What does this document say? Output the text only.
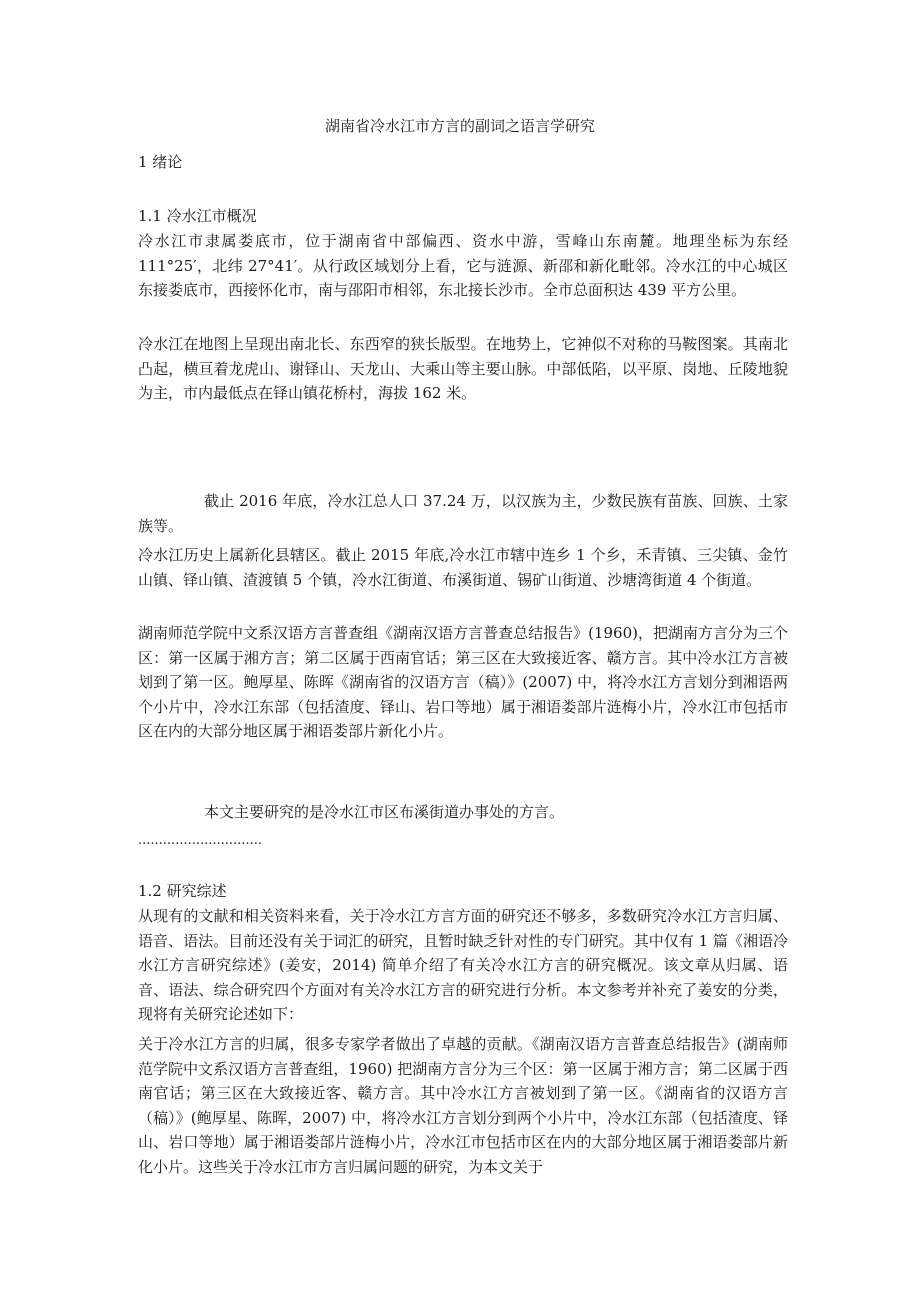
湖南省冷水江市方言的副词之语言学研究
1 绪论
1.1 冷水江市概况
冷水江市隶属娄底市，位于湖南省中部偏西、资水中游，雪峰山东南麓。地理坐标为东经 111°25′，北纬 27°41′。从行政区域划分上看，它与涟源、新邵和新化毗邻。冷水江的中心城区东接娄底市，西接怀化市，南与邵阳市相邻，东北接长沙市。全市总面积达 439 平方公里。
冷水江在地图上呈现出南北长、东西窄的狭长版型。在地势上，它神似不对称的马鞍图案。其南北凸起，横亘着龙虎山、谢铎山、天龙山、大乘山等主要山脉。中部低陷，以平原、岗地、丘陵地貌为主，市内最低点在铎山镇花桥村，海拔 162 米。
截止 2016 年底，冷水江总人口 37.24 万，以汉族为主，少数民族有苗族、回族、土家族等。
冷水江历史上属新化县辖区。截止 2015 年底,冷水江市辖中连乡 1 个乡，禾青镇、三尖镇、金竹山镇、铎山镇、渣渡镇 5 个镇，冷水江街道、布溪街道、锡矿山街道、沙塘湾街道 4 个街道。
湖南师范学院中文系汉语方言普查组《湖南汉语方言普查总结报告》(1960)，把湖南方言分为三个区：第一区属于湘方言；第二区属于西南官话；第三区在大致接近客、赣方言。其中冷水江方言被划到了第一区。鲍厚星、陈晖《湖南省的汉语方言（稿）》(2007) 中，将冷水江方言划分到湘语两个小片中，冷水江东部（包括渣度、铎山、岩口等地）属于湘语娄部片涟梅小片，冷水江市包括市区在内的大部分地区属于湘语娄部片新化小片。
本文主要研究的是冷水江市区布溪街道办事处的方言。
..............................
1.2 研究综述
从现有的文献和相关资料来看，关于冷水江方言方面的研究还不够多，多数研究冷水江方言归属、语音、语法。目前还没有关于词汇的研究，且暂时缺乏针对性的专门研究。其中仅有 1 篇《湘语冷水江方言研究综述》(姜安，2014) 简单介绍了有关冷水江方言的研究概况。该文章从归属、语音、语法、综合研究四个方面对有关冷水江方言的研究进行分析。本文参考并补充了姜安的分类，现将有关研究论述如下：
关于冷水江方言的归属，很多专家学者做出了卓越的贡献。《湖南汉语方言普查总结报告》(湖南师范学院中文系汉语方言普查组，1960) 把湖南方言分为三个区：第一区属于湘方言；第二区属于西南官话；第三区在大致接近客、赣方言。其中冷水江方言被划到了第一区。《湖南省的汉语方言（稿）》(鲍厚星、陈晖，2007) 中，将冷水江方言划分到两个小片中，冷水江东部（包括渣度、铎山、岩口等地）属于湘语娄部片涟梅小片，冷水江市包括市区在内的大部分地区属于湘语娄部片新化小片。这些关于冷水江市方言归属问题的研究，为本文关于
